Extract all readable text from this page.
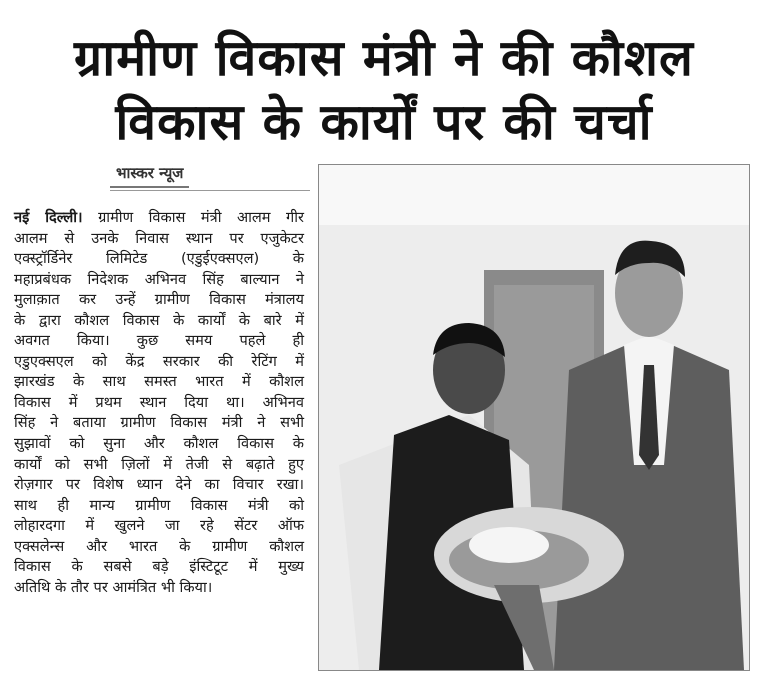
ग्रामीण विकास मंत्री ने की कौशल
विकास के कार्यों पर की चर्चा
भास्कर न्यूज
नई दिल्ली। ग्रामीण विकास मंत्री आलम गीर
आलम से उनके निवास स्थान पर एजुकेटर
एक्स्ट्रॉर्डिनेर लिमिटेड (एडुईएक्सएल) के
महाप्रबंधक निदेशक अभिनव सिंह बाल्यान ने
मुलाक़ात कर उन्हें ग्रामीण विकास मंत्रालय
के द्वारा कौशल विकास के कार्यों के बारे में
अवगत किया। कुछ समय पहले ही
एडुएक्सएल को केंद्र सरकार की रेटिंग में
झारखंड के साथ समस्त भारत में कौशल
विकास में प्रथम स्थान दिया था। अभिनव
सिंह ने बताया ग्रामीण विकास मंत्री ने सभी
सुझावों को सुना और कौशल विकास के
कार्यों को सभी ज़िलों में तेजी से बढ़ाते हुए
रोज़गार पर विशेष ध्यान देने का विचार रखा।
साथ ही मान्य ग्रामीण विकास मंत्री को
लोहारदगा में खुलने जा रहे सेंटर ऑफ
एक्सलेन्स और भारत के ग्रामीण कौशल
विकास के सबसे बड़े इंस्टिटूट में मुख्य
अतिथि के तौर पर आमंत्रित भी किया।
